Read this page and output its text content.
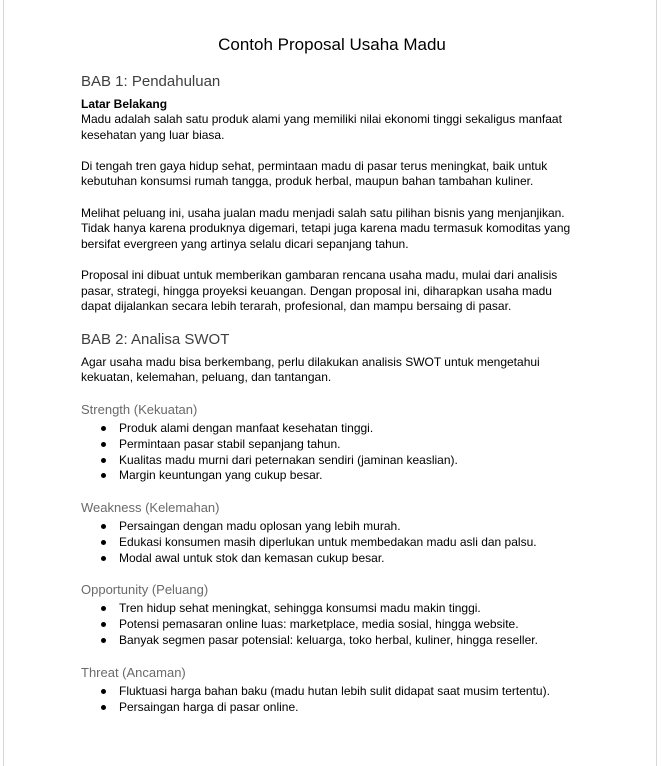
Contoh Proposal Usaha Madu
BAB 1: Pendahuluan
Latar Belakang

Madu adalah salah satu produk alami yang memiliki nilai ekonomi tinggi sekaligus manfaat kesehatan yang luar biasa.

Di tengah tren gaya hidup sehat, permintaan madu di pasar terus meningkat, baik untuk kebutuhan konsumsi rumah tangga, produk herbal, maupun bahan tambahan kuliner.

Melihat peluang ini, usaha jualan madu menjadi salah satu pilihan bisnis yang menjanjikan. Tidak hanya karena produknya digemari, tetapi juga karena madu termasuk komoditas yang bersifat evergreen yang artinya selalu dicari sepanjang tahun.

Proposal ini dibuat untuk memberikan gambaran rencana usaha madu, mulai dari analisis pasar, strategi, hingga proyeksi keuangan. Dengan proposal ini, diharapkan usaha madu dapat dijalankan secara lebih terarah, profesional, dan mampu bersaing di pasar.

BAB 2: Analisa SWOT

Agar usaha madu bisa berkembang, perlu dilakukan analisis SWOT untuk mengetahui kekuatan, kelemahan, peluang, dan tantangan.

Strength (Kekuatan)
Produk alami dengan manfaat kesehatan tinggi.
Permintaan pasar stabil sepanjang tahun.
Kualitas madu murni dari peternakan sendiri (jaminan keaslian).
Margin keuntungan yang cukup besar.
Weakness (Kelemahan)
Persaingan dengan madu oplosan yang lebih murah.
Edukasi konsumen masih diperlukan untuk membedakan madu asli dan palsu.
Modal awal untuk stok dan kemasan cukup besar.
Opportunity (Peluang)
Tren hidup sehat meningkat, sehingga konsumsi madu makin tinggi.
Potensi pemasaran online luas: marketplace, media sosial, hingga website.
Banyak segmen pasar potensial: keluarga, toko herbal, kuliner, hingga reseller.
Threat (Ancaman)
Fluktuasi harga bahan baku (madu hutan lebih sulit didapat saat musim tertentu).
Persaingan harga di pasar online.
